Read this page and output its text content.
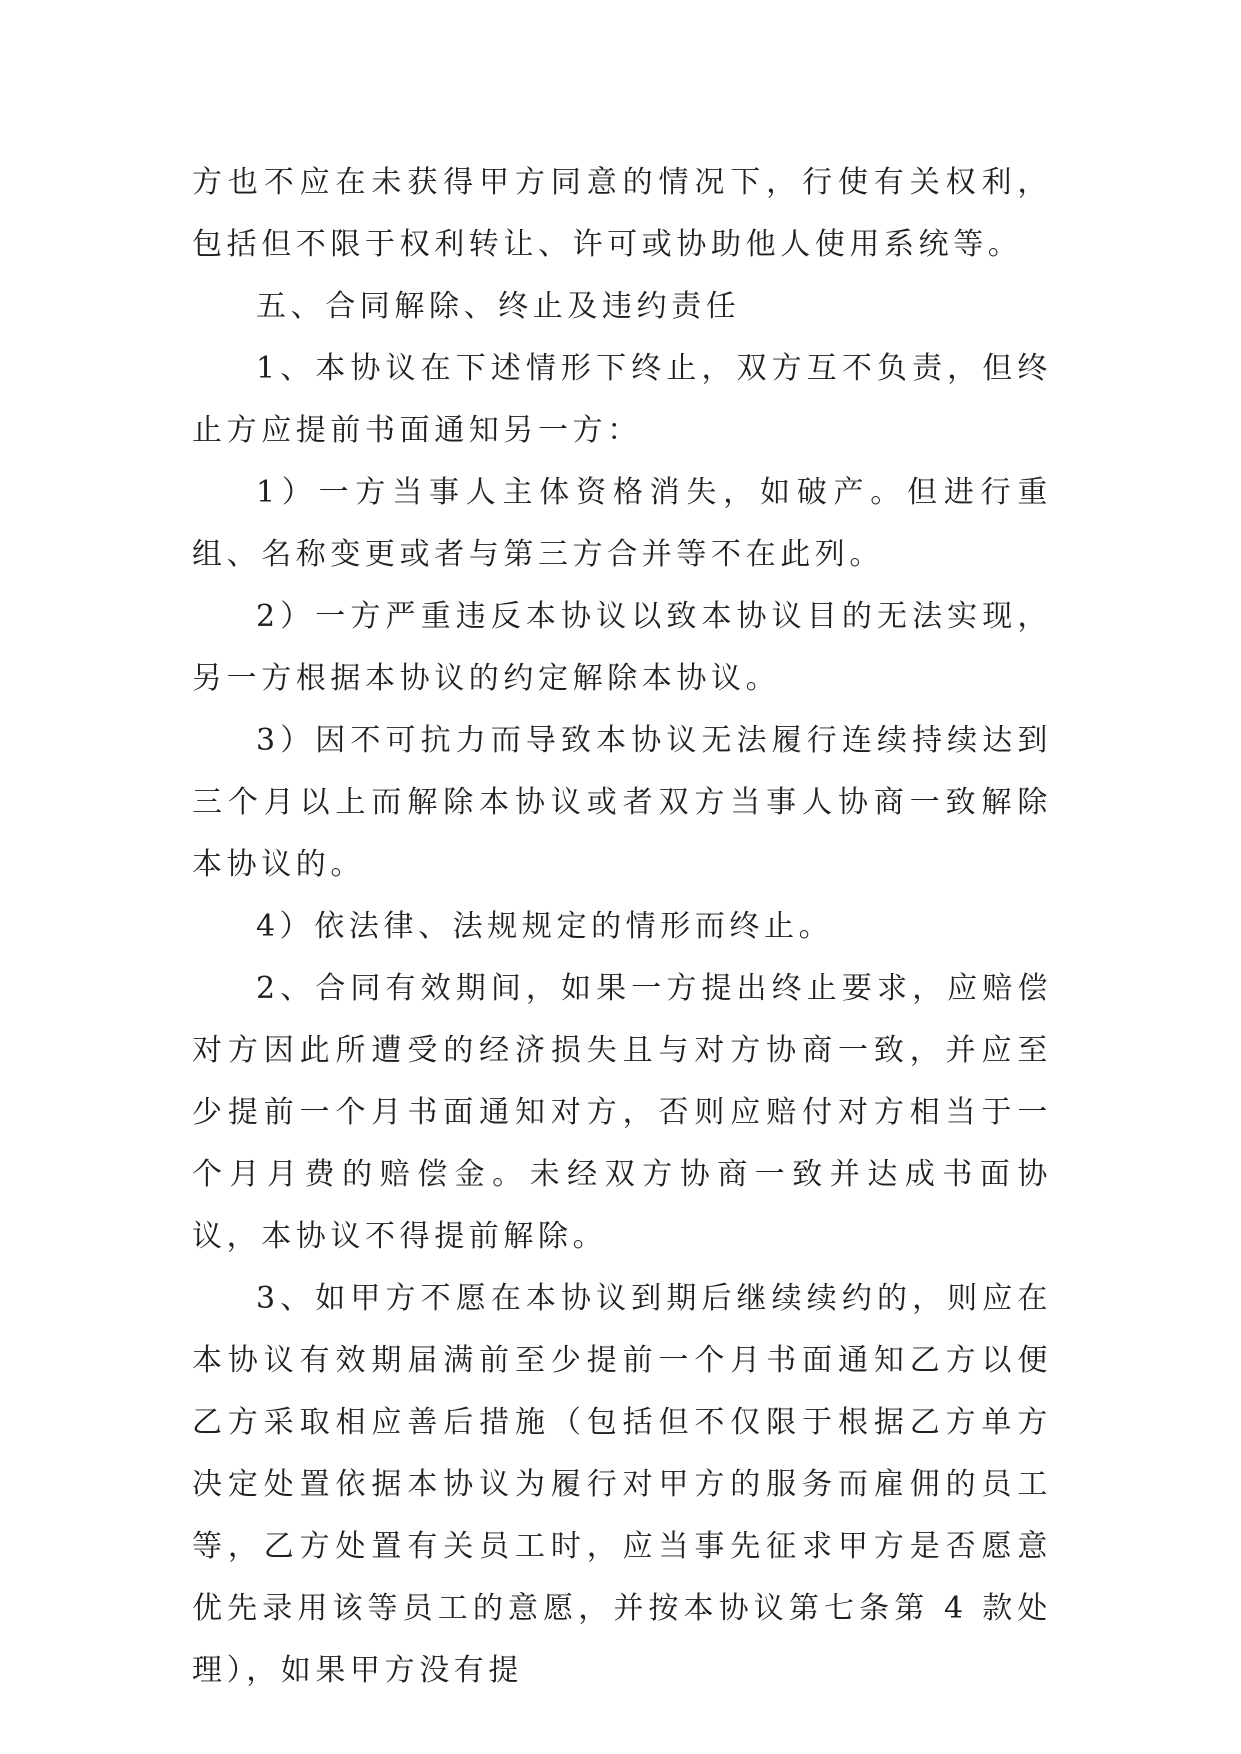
方也不应在未获得甲方同意的情况下，行使有关权利，包括但不限于权利转让、许可或协助他人使用系统等。

五、合同解除、终止及违约责任

1、本协议在下述情形下终止，双方互不负责，但终止方应提前书面通知另一方：

1）一方当事人主体资格消失，如破产。但进行重组、名称变更或者与第三方合并等不在此列。

2）一方严重违反本协议以致本协议目的无法实现，另一方根据本协议的约定解除本协议。

3）因不可抗力而导致本协议无法履行连续持续达到三个月以上而解除本协议或者双方当事人协商一致解除本协议的。

4）依法律、法规规定的情形而终止。

2、合同有效期间，如果一方提出终止要求，应赔偿对方因此所遭受的经济损失且与对方协商一致，并应至少提前一个月书面通知对方，否则应赔付对方相当于一个月月费的赔偿金。未经双方协商一致并达成书面协议，本协议不得提前解除。

3、如甲方不愿在本协议到期后继续续约的，则应在本协议有效期届满前至少提前一个月书面通知乙方以便乙方采取相应善后措施（包括但不仅限于根据乙方单方决定处置依据本协议为履行对甲方的服务而雇佣的员工等，乙方处置有关员工时，应当事先征求甲方是否愿意优先录用该等员工的意愿，并按本协议第七条第 4 款处理），如果甲方没有提
